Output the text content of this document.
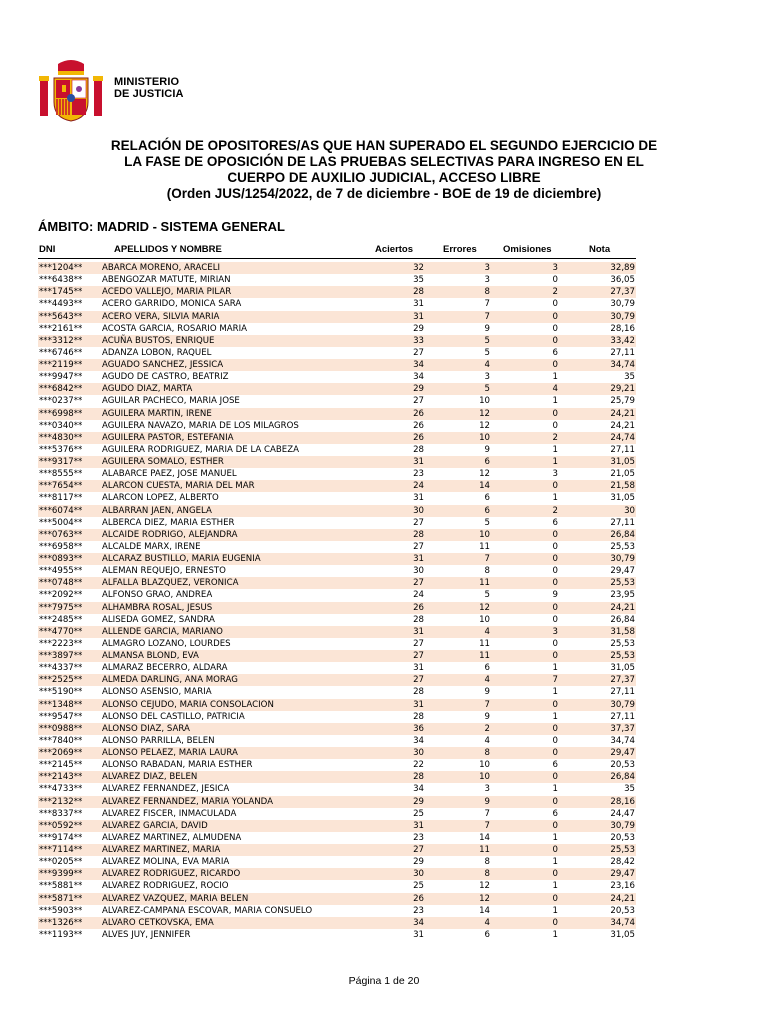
MINISTERIO
DE JUSTICIA
RELACIÓN DE OPOSITORES/AS QUE HAN SUPERADO EL SEGUNDO EJERCICIO DE
LA FASE DE OPOSICIÓN DE LAS PRUEBAS SELECTIVAS PARA INGRESO EN EL
CUERPO DE AUXILIO JUDICIAL, ACCESO LIBRE
(Orden JUS/1254/2022, de 7 de diciembre - BOE de 19 de diciembre)
ÁMBITO: MADRID - SISTEMA GENERAL
DNI	APELLIDOS Y NOMBRE	Aciertos	Errores	Omisiones	Nota
***1204** ABARCA MORENO, ARACELI	32	3	3	32,89
***6438** ABENGOZAR MATUTE, MIRIAN	35	3	0	36,05
***1745** ACEDO VALLEJO, MARIA PILAR	28	8	2	27,37
***4493** ACERO GARRIDO, MONICA SARA	31	7	0	30,79
***5643** ACERO VERA, SILVIA MARIA	31	7	0	30,79
***2161** ACOSTA GARCIA, ROSARIO MARIA	29	9	0	28,16
***3312** ACUÑA BUSTOS, ENRIQUE	33	5	0	33,42
***6746** ADANZA LOBON, RAQUEL	27	5	6	27,11
***2119** AGUADO SANCHEZ, JESSICA	34	4	0	34,74
***9947** AGUDO DE CASTRO, BEATRIZ	34	3	1	35
***6842** AGUDO DIAZ, MARTA	29	5	4	29,21
***0237** AGUILAR PACHECO, MARIA JOSE	27	10	1	25,79
***6998** AGUILERA MARTIN, IRENE	26	12	0	24,21
***0340** AGUILERA NAVAZO, MARIA DE LOS MILAGROS	26	12	0	24,21
***4830** AGUILERA PASTOR, ESTEFANIA	26	10	2	24,74
***5376** AGUILERA RODRIGUEZ, MARIA DE LA CABEZA	28	9	1	27,11
***9317** AGUILERA SOMALO, ESTHER	31	6	1	31,05
***8555** ALABARCE PAEZ, JOSE MANUEL	23	12	3	21,05
***7654** ALARCON CUESTA, MARIA DEL MAR	24	14	0	21,58
***8117** ALARCON LOPEZ, ALBERTO	31	6	1	31,05
***6074** ALBARRAN JAEN, ANGELA	30	6	2	30
***5004** ALBERCA DIEZ, MARIA ESTHER	27	5	6	27,11
***0763** ALCAIDE RODRIGO, ALEJANDRA	28	10	0	26,84
***6958** ALCALDE MARX, IRENE	27	11	0	25,53
***0893** ALCARAZ BUSTILLO, MARIA EUGENIA	31	7	0	30,79
***4955** ALEMAN REQUEJO, ERNESTO	30	8	0	29,47
***0748** ALFALLA BLAZQUEZ, VERONICA	27	11	0	25,53
***2092** ALFONSO GRAO, ANDREA	24	5	9	23,95
***7975** ALHAMBRA ROSAL, JESUS	26	12	0	24,21
***2485** ALISEDA GOMEZ, SANDRA	28	10	0	26,84
***4770** ALLENDE GARCIA, MARIANO	31	4	3	31,58
***2223** ALMAGRO LOZANO, LOURDES	27	11	0	25,53
***3897** ALMANSA BLOND, EVA	27	11	0	25,53
***4337** ALMARAZ BECERRO, ALDARA	31	6	1	31,05
***2525** ALMEDA DARLING, ANA MORAG	27	4	7	27,37
***5190** ALONSO ASENSIO, MARIA	28	9	1	27,11
***1348** ALONSO CEJUDO, MARIA CONSOLACION	31	7	0	30,79
***9547** ALONSO DEL CASTILLO, PATRICIA	28	9	1	27,11
***0988** ALONSO DIAZ, SARA	36	2	0	37,37
***7840** ALONSO PARRILLA, BELEN	34	4	0	34,74
***2069** ALONSO PELAEZ, MARIA LAURA	30	8	0	29,47
***2145** ALONSO RABADAN, MARIA ESTHER	22	10	6	20,53
***2143** ALVAREZ DIAZ, BELEN	28	10	0	26,84
***4733** ALVAREZ FERNANDEZ, JESICA	34	3	1	35
***2132** ALVAREZ FERNANDEZ, MARIA YOLANDA	29	9	0	28,16
***8337** ALVAREZ FISCER, INMACULADA	25	7	6	24,47
***0592** ALVAREZ GARCIA, DAVID	31	7	0	30,79
***9174** ALVAREZ MARTINEZ, ALMUDENA	23	14	1	20,53
***7114** ALVAREZ MARTINEZ, MARIA	27	11	0	25,53
***0205** ALVAREZ MOLINA, EVA MARIA	29	8	1	28,42
***9399** ALVAREZ RODRIGUEZ, RICARDO	30	8	0	29,47
***5881** ALVAREZ RODRIGUEZ, ROCIO	25	12	1	23,16
***5871** ALVAREZ VAZQUEZ, MARIA BELEN	26	12	0	24,21
***5903** ALVAREZ-CAMPANA ESCOVAR, MARIA CONSUELO	23	14	1	20,53
***1326** ALVARO CETKOVSKA, EMA	34	4	0	34,74
***1193** ALVES JUY, JENNIFER	31	6	1	31,05
Página 1 de 20
